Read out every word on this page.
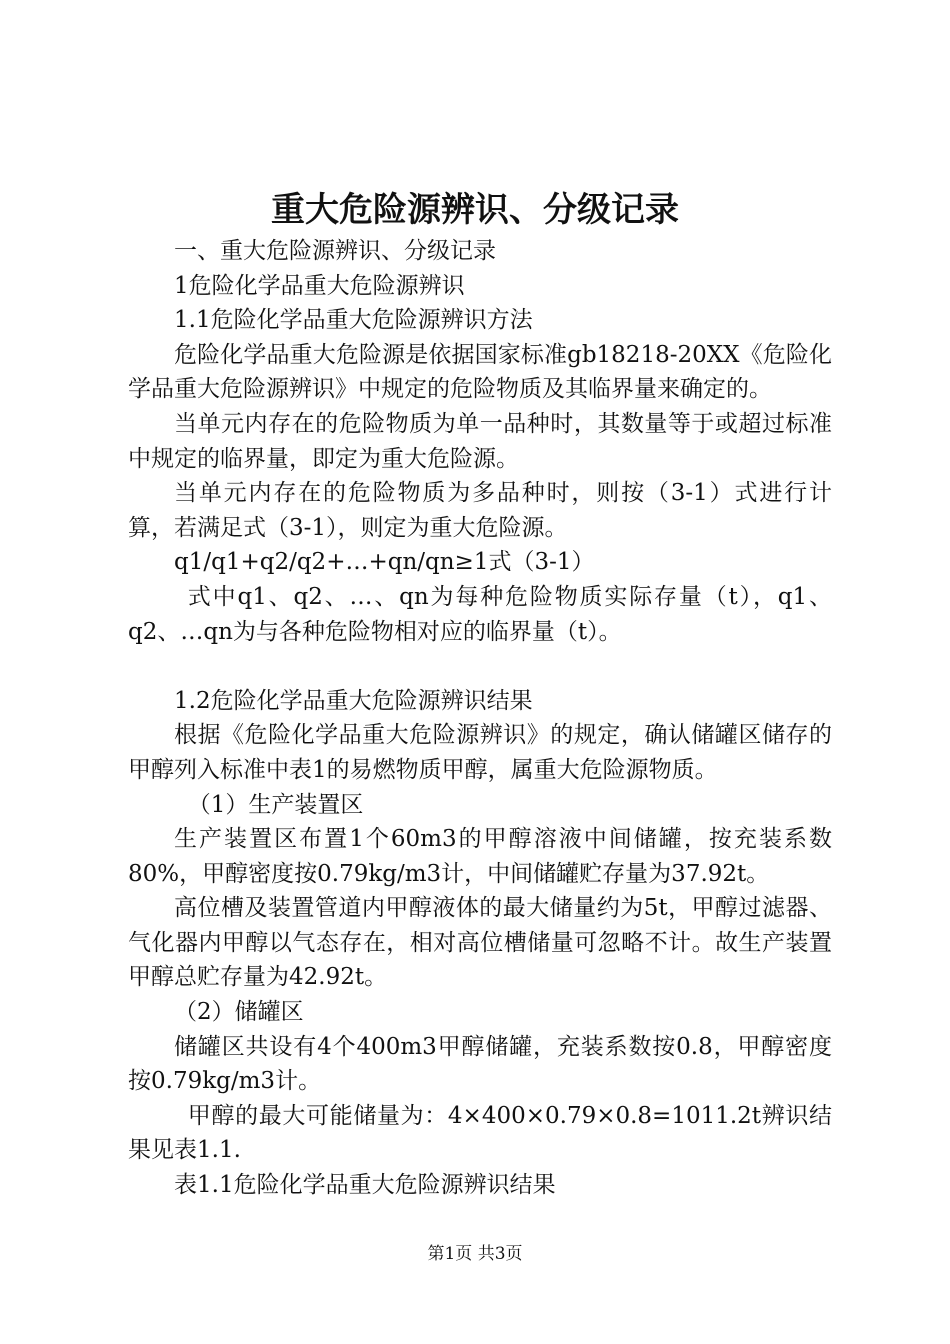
重大危险源辨识、分级记录

一、重大危险源辨识、分级记录

1危险化学品重大危险源辨识

1.1危险化学品重大危险源辨识方法

危险化学品重大危险源是依据国家标准gb18218-20XX《危险化学品重大危险源辨识》中规定的危险物质及其临界量来确定的。

当单元内存在的危险物质为单一品种时，其数量等于或超过标准中规定的临界量，即定为重大危险源。

当单元内存在的危险物质为多品种时，则按（3-1）式进行计算，若满足式（3-1），则定为重大危险源。

q1/q1+q2/q2+…+qn/qn≥1式（3-1）

式中q1、q2、…、qn为每种危险物质实际存量（t），q1、q2、…qn为与各种危险物相对应的临界量（t）。

1.2危险化学品重大危险源辨识结果

根据《危险化学品重大危险源辨识》的规定，确认储罐区储存的甲醇列入标准中表1的易燃物质甲醇，属重大危险源物质。

（1）生产装置区

生产装置区布置1个60m3的甲醇溶液中间储罐，按充装系数80%，甲醇密度按0.79kg/m3计，中间储罐贮存量为37.92t。

高位槽及装置管道内甲醇液体的最大储量约为5t，甲醇过滤器、气化器内甲醇以气态存在，相对高位槽储量可忽略不计。故生产装置甲醇总贮存量为42.92t。

（2）储罐区

储罐区共设有4个400m3甲醇储罐，充装系数按0.8，甲醇密度按0.79kg/m3计。

甲醇的最大可能储量为：4×400×0.79×0.8=1011.2t辨识结果见表1.1.

表1.1危险化学品重大危险源辨识结果

第1页 共3页
